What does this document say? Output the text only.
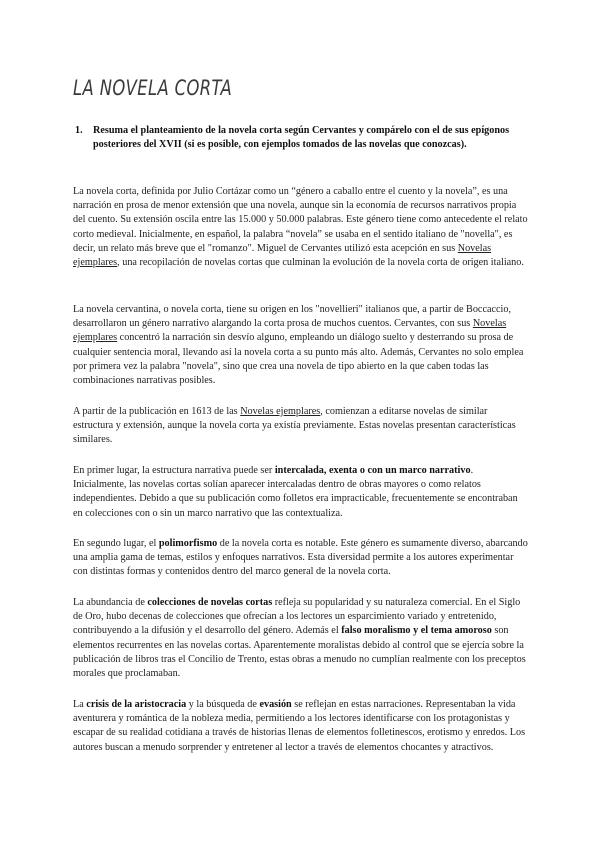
LA NOVELA CORTA
1. Resuma el planteamiento de la novela corta según Cervantes y compárelo con el de sus epígonos posteriores del XVII (si es posible, con ejemplos tomados de las novelas que conozcas).

La novela corta, definida por Julio Cortázar como un “género a caballo entre el cuento y la novela”, es una narración en prosa de menor extensión que una novela, aunque sin la economía de recursos narrativos propia del cuento. Su extensión oscila entre las 15.000 y 50.000 palabras. Este género tiene como antecedente el relato corto medieval. Inicialmente, en español, la palabra “novela” se usaba en el sentido italiano de "novella", es decir, un relato más breve que el "romanzo". Miguel de Cervantes utilizó esta acepción en sus Novelas ejemplares, una recopilación de novelas cortas que culminan la evolución de la novela corta de origen italiano.

La novela cervantina, o novela corta, tiene su origen en los "novellieri" italianos que, a partir de Boccaccio, desarrollaron un género narrativo alargando la corta prosa de muchos cuentos. Cervantes, con sus Novelas ejemplares concentró la narración sin desvío alguno, empleando un diálogo suelto y desterrando su prosa de cualquier sentencia moral, llevando así la novela corta a su punto más alto. Además, Cervantes no solo emplea por primera vez la palabra "novela", sino que crea una novela de tipo abierto en la que caben todas las combinaciones narrativas posibles.

A partir de la publicación en 1613 de las Novelas ejemplares, comienzan a editarse novelas de similar estructura y extensión, aunque la novela corta ya existía previamente. Estas novelas presentan características similares.

En primer lugar, la estructura narrativa puede ser intercalada, exenta o con un marco narrativo. Inicialmente, las novelas cortas solían aparecer intercaladas dentro de obras mayores o como relatos independientes. Debido a que su publicación como folletos era impracticable, frecuentemente se encontraban en colecciones con o sin un marco narrativo que las contextualiza.

En segundo lugar, el polimorfismo de la novela corta es notable. Este género es sumamente diverso, abarcando una amplia gama de temas, estilos y enfoques narrativos. Esta diversidad permite a los autores experimentar con distintas formas y contenidos dentro del marco general de la novela corta.

La abundancia de colecciones de novelas cortas refleja su popularidad y su naturaleza comercial. En el Siglo de Oro, hubo decenas de colecciones que ofrecían a los lectores un esparcimiento variado y entretenido, contribuyendo a la difusión y el desarrollo del género. Además el falso moralismo y el tema amoroso son elementos recurrentes en las novelas cortas. Aparentemente moralistas debido al control que se ejercía sobre la publicación de libros tras el Concilio de Trento, estas obras a menudo no cumplían realmente con los preceptos morales que proclamaban.

La crisis de la aristocracia y la búsqueda de evasión se reflejan en estas narraciones. Representaban la vida aventurera y romántica de la nobleza media, permitiendo a los lectores identificarse con los protagonistas y escapar de su realidad cotidiana a través de historias llenas de elementos folletinescos, erotismo y enredos. Los autores buscan a menudo sorprender y entretener al lector a través de elementos chocantes y atractivos.
